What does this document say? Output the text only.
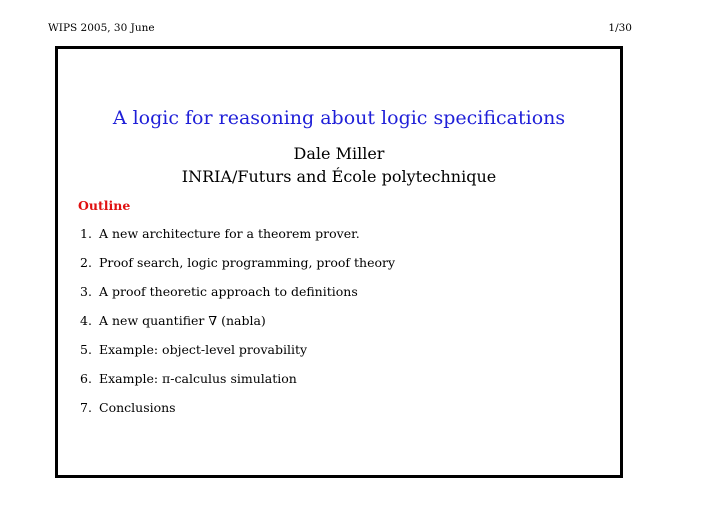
WIPS 2005, 30 June	1/30
A logic for reasoning about logic specifications
Dale Miller
INRIA/Futurs and École polytechnique
Outline
1. A new architecture for a theorem prover.
2. Proof search, logic programming, proof theory
3. A proof theoretic approach to definitions
4. A new quantifier ∇ (nabla)
5. Example: object-level provability
6. Example: π-calculus simulation
7. Conclusions
